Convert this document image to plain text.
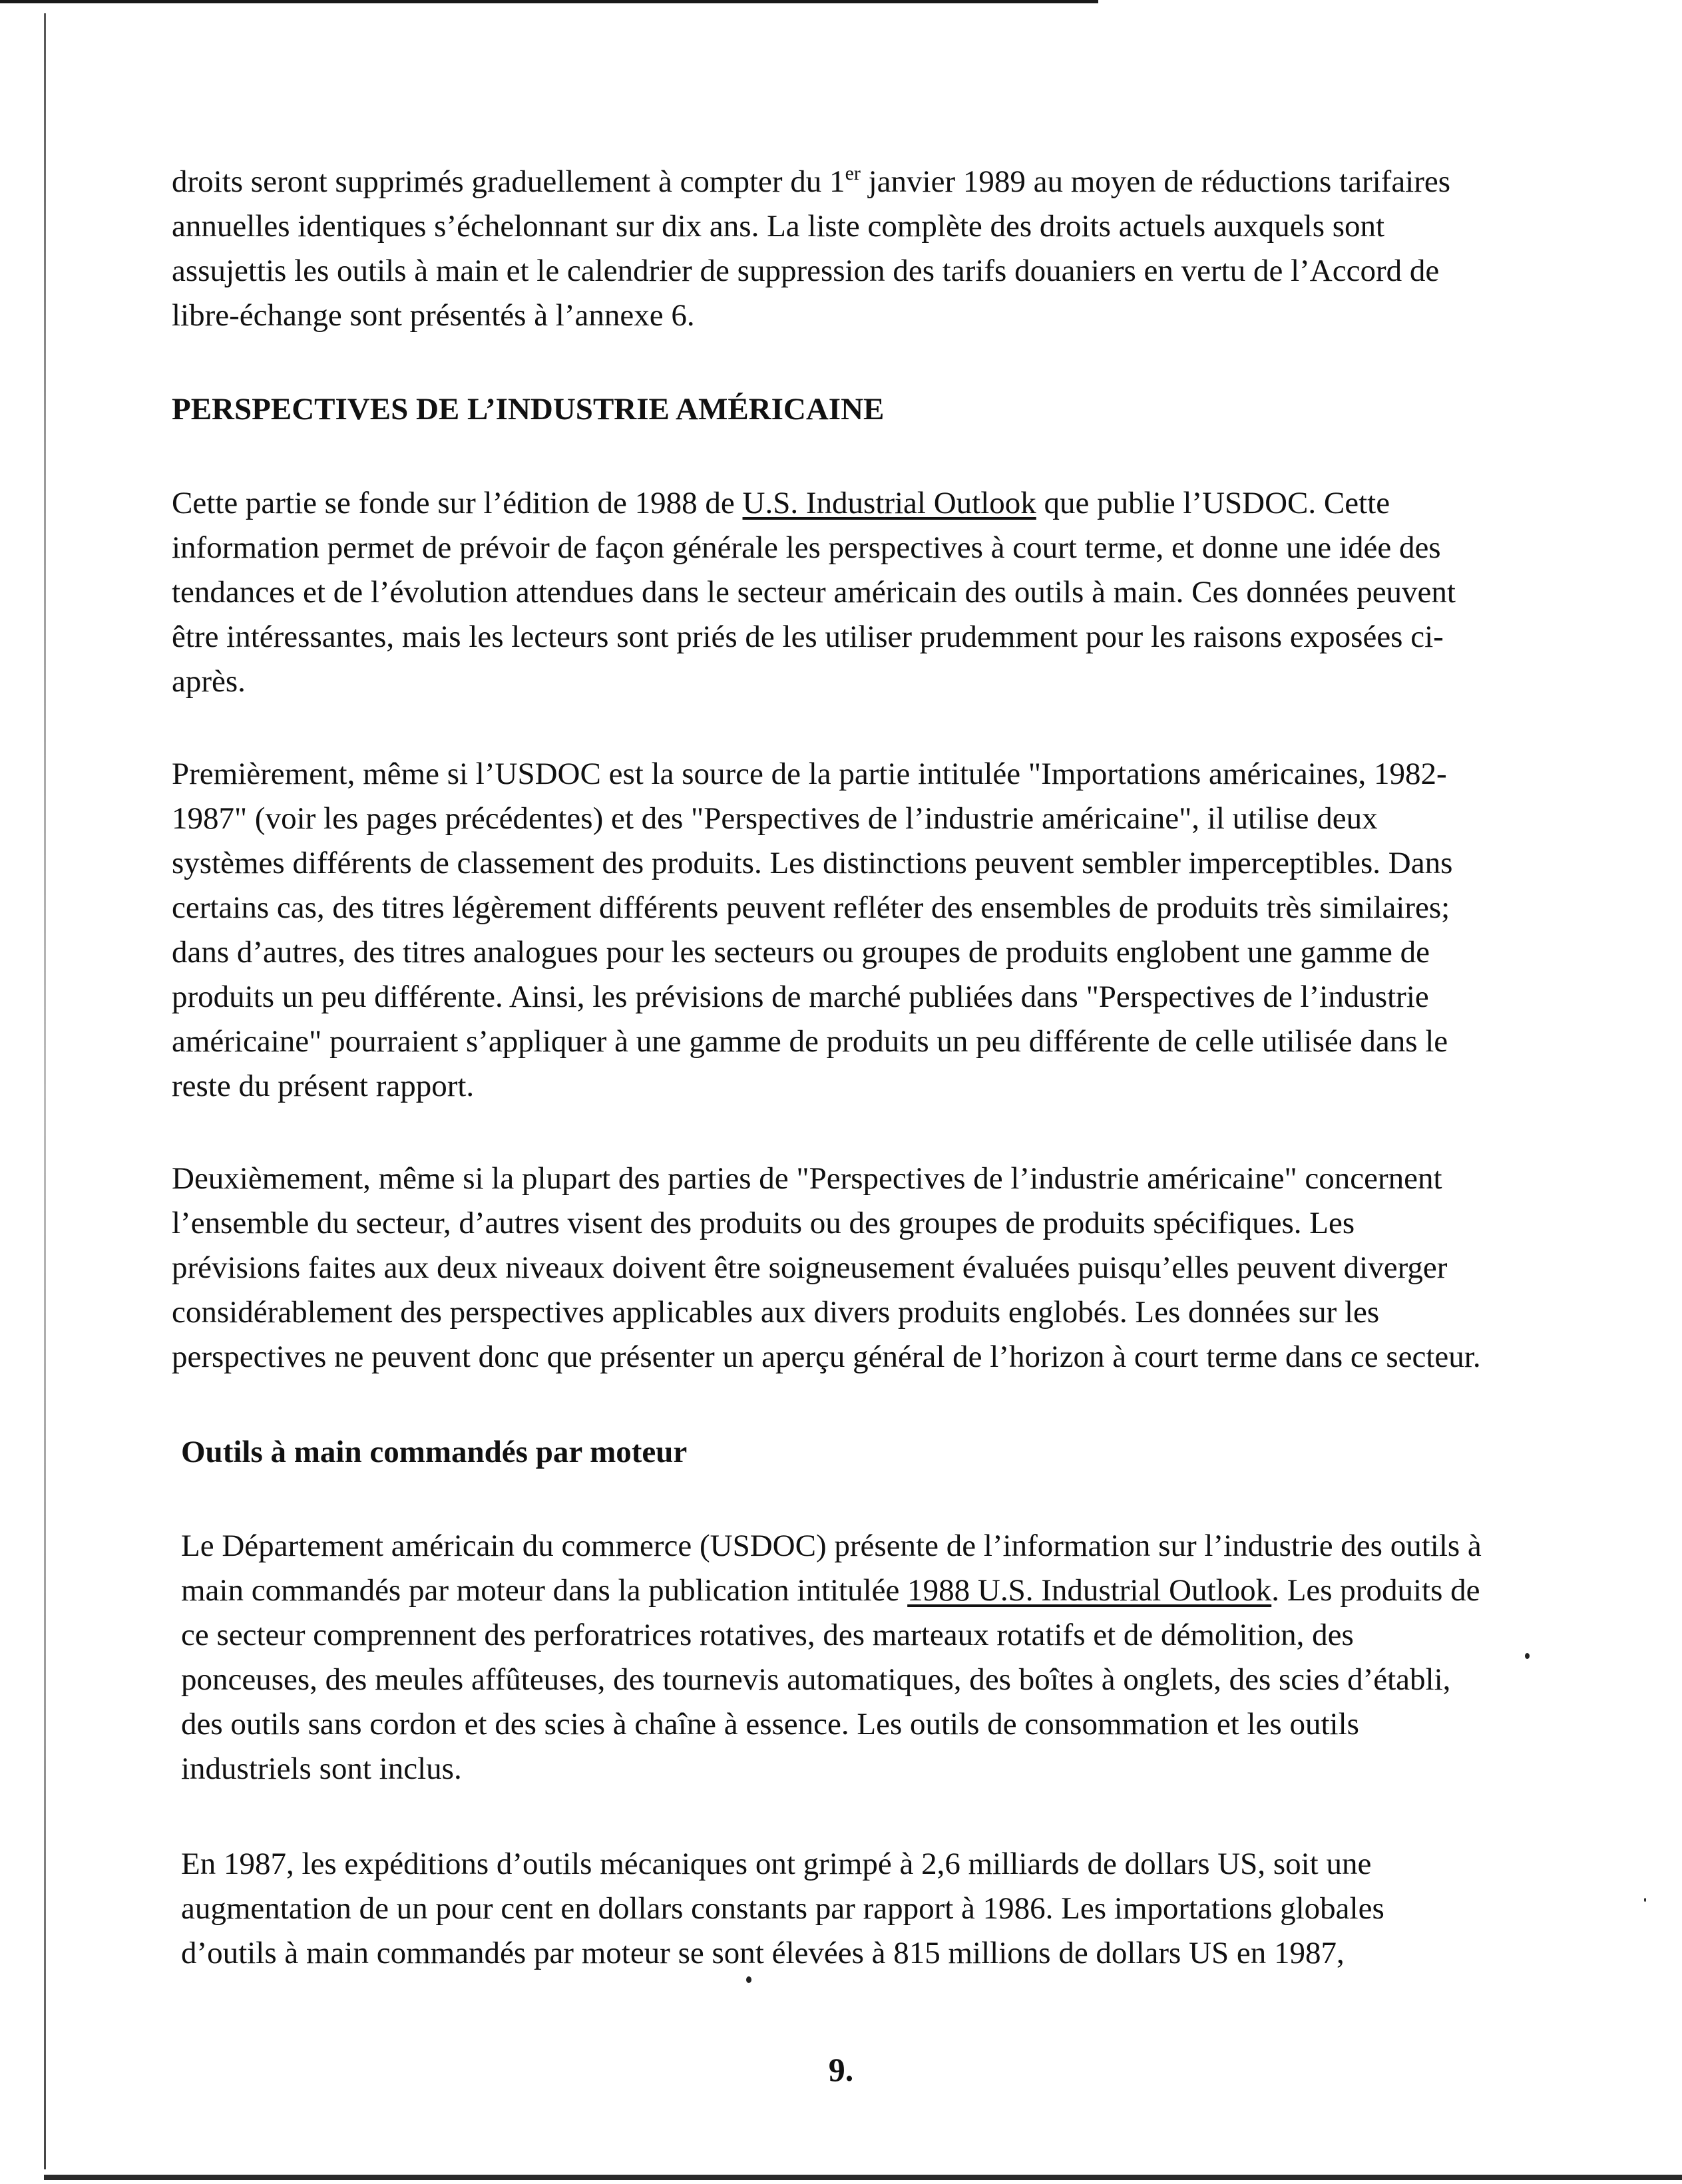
droits seront supprimés graduellement à compter du 1er janvier 1989 au moyen de réductions tarifaires annuelles identiques s’échelonnant sur dix ans. La liste complète des droits actuels auxquels sont assujettis les outils à main et le calendrier de suppression des tarifs douaniers en vertu de l’Accord de libre-échange sont présentés à l’annexe 6.

PERSPECTIVES DE L’INDUSTRIE AMÉRICAINE

Cette partie se fonde sur l’édition de 1988 de U.S. Industrial Outlook que publie l’USDOC. Cette information permet de prévoir de façon générale les perspectives à court terme, et donne une idée des tendances et de l’évolution attendues dans le secteur américain des outils à main. Ces données peuvent être intéressantes, mais les lecteurs sont priés de les utiliser prudemment pour les raisons exposées ci-après.

Premièrement, même si l’USDOC est la source de la partie intitulée "Importations américaines, 1982-1987" (voir les pages précédentes) et des "Perspectives de l’industrie américaine", il utilise deux systèmes différents de classement des produits. Les distinctions peuvent sembler imperceptibles. Dans certains cas, des titres légèrement différents peuvent refléter des ensembles de produits très similaires; dans d’autres, des titres analogues pour les secteurs ou groupes de produits englobent une gamme de produits un peu différente. Ainsi, les prévisions de marché publiées dans "Perspectives de l’industrie américaine" pourraient s’appliquer à une gamme de produits un peu différente de celle utilisée dans le reste du présent rapport.

Deuxièmement, même si la plupart des parties de "Perspectives de l’industrie américaine" concernent l’ensemble du secteur, d’autres visent des produits ou des groupes de produits spécifiques. Les prévisions faites aux deux niveaux doivent être soigneusement évaluées puisqu’elles peuvent diverger considérablement des perspectives applicables aux divers produits englobés. Les données sur les perspectives ne peuvent donc que présenter un aperçu général de l’horizon à court terme dans ce secteur.

Outils à main commandés par moteur

Le Département américain du commerce (USDOC) présente de l’information sur l’industrie des outils à main commandés par moteur dans la publication intitulée 1988 U.S. Industrial Outlook. Les produits de ce secteur comprennent des perforatrices rotatives, des marteaux rotatifs et de démolition, des ponceuses, des meules affûteuses, des tournevis automatiques, des boîtes à onglets, des scies d’établi, des outils sans cordon et des scies à chaîne à essence. Les outils de consommation et les outils industriels sont inclus.

En 1987, les expéditions d’outils mécaniques ont grimpé à 2,6 milliards de dollars US, soit une augmentation de un pour cent en dollars constants par rapport à 1986. Les importations globales d’outils à main commandés par moteur se sont élevées à 815 millions de dollars US en 1987,

9.
